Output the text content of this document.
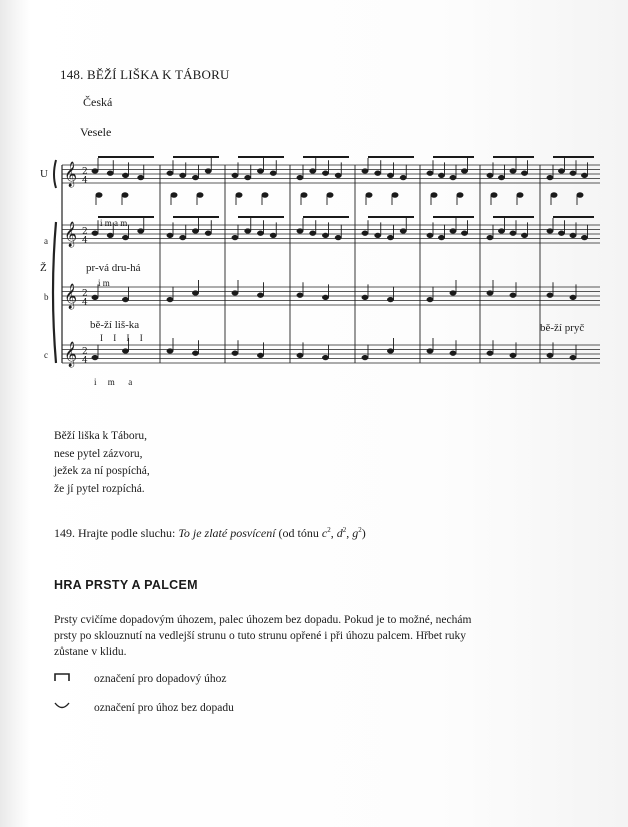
148. BĚŽÍ LIŠKA K TÁBORU
Česká
Vesele
𝄞 2
4
𝄞 2
4
𝄞 2
4
𝄞 2
4
U
a
Ž
b
c
i m a m
pr-vá dru-há
i m
bě-ží liš-ka	bě-ží pryč
I I I I
i     m      a
Běží liška k Táboru,
nese pytel zázvoru,
ježek za ní pospíchá,
že jí pytel rozpíchá.
149. Hrajte podle sluchu: To je zlaté posvícení (od tónu $c^2$, $d^2$, $g^2$)
HRA PRSTY A PALCEM
Prsty cvičíme dopadovým úhozem, palec úhozem bez dopadu. Pokud je to možné, nechám
prsty po sklouznutí na vedlejší strunu o tuto strunu opřené i při úhozu palcem. Hřbet ruky
zůstane v klidu.
označení pro dopadový úhoz
označení pro úhoz bez dopadu
